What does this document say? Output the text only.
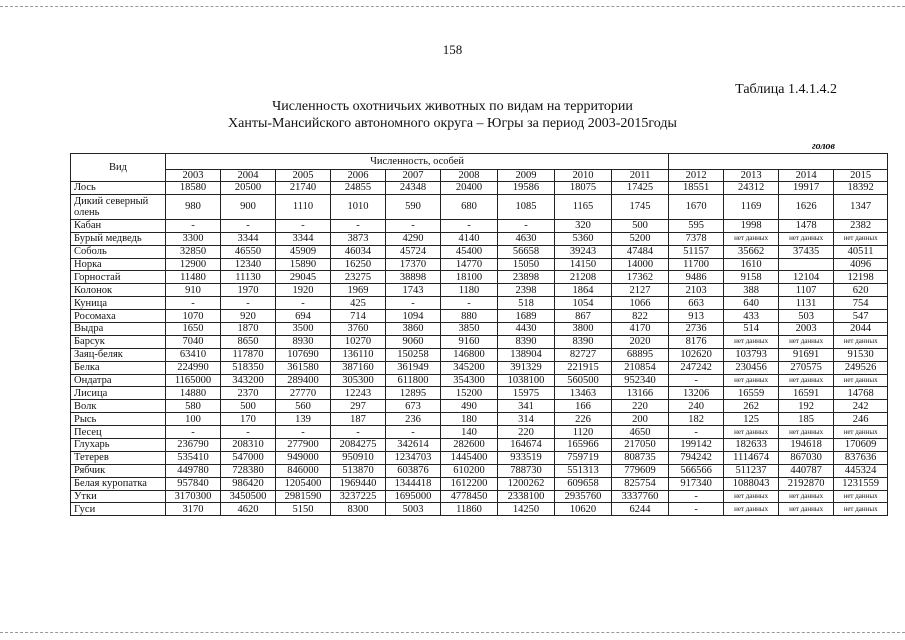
158
Таблица 1.4.1.4.2
Численность охотничьих животных по видам на территории
Ханты-Мансийского автономного округа – Югры за период 2003-2015годы
голов
Вид	Численность, особей												
	2003	2004	2005	2006	2007	2008	2009	2010	2011	2012	2013	2014	2015
Лось	18580	20500	21740	24855	24348	20400	19586	18075	17425	18551	24312	19917	18392
Дикий северный олень	980	900	1110	1010	590	680	1085	1165	1745	1670	1169	1626	1347
Кабан	-	-	-	-	-	-	-	320	500	595	1998	1478	2382
Бурый медведь	3300	3344	3344	3873	4290	4140	4630	5360	5200	7378	нет данных	нет данных	нет данных
Соболь	32850	46550	45909	46034	45724	45400	56658	39243	47484	51157	35662	37435	40511
Норка	12900	12340	15890	16250	17370	14770	15050	14150	14000	11700	1610		4096
Горностай	11480	11130	29045	23275	38898	18100	23898	21208	17362	9486	9158	12104	12198
Колонок	910	1970	1920	1969	1743	1180	2398	1864	2127	2103	388	1107	620
Куница	-	-	-	425	-	-	518	1054	1066	663	640	1131	754
Росомаха	1070	920	694	714	1094	880	1689	867	822	913	433	503	547
Выдра	1650	1870	3500	3760	3860	3850	4430	3800	4170	2736	514	2003	2044
Барсук	7040	8650	8930	10270	9060	9160	8390	8390	2020	8176	нет данных	нет данных	нет данных
Заяц-беляк	63410	117870	107690	136110	150258	146800	138904	82727	68895	102620	103793	91691	91530
Белка	224990	518350	361580	387160	361949	345200	391329	221915	210854	247242	230456	270575	249526
Ондатра	1165000	343200	289400	305300	611800	354300	1038100	560500	952340	-	нет данных	нет данных	нет данных
Лисица	14880	2370	27770	12243	12895	15200	15975	13463	13166	13206	16559	16591	14768
Волк	580	500	560	297	673	490	341	166	220	240	262	192	242
Рысь	100	170	139	187	236	180	314	226	200	182	125	185	246
Песец	-	-	-	-	-	140	220	1120	4650	-	нет данных	нет данных	нет данных
Глухарь	236790	208310	277900	2084275	342614	282600	164674	165966	217050	199142	182633	194618	170609
Тетерев	535410	547000	949000	950910	1234703	1445400	933519	759719	808735	794242	1114674	867030	837636
Рябчик	449780	728380	846000	513870	603876	610200	788730	551313	779609	566566	511237	440787	445324
Белая куропатка	957840	986420	1205400	1969440	1344418	1612200	1200262	609658	825754	917340	1088043	2192870	1231559
Утки	3170300	3450500	2981590	3237225	1695000	4778450	2338100	2935760	3337760	-	нет данных	нет данных	нет данных
Гуси	3170	4620	5150	8300	5003	11860	14250	10620	6244	-	нет данных	нет данных	нет данных
